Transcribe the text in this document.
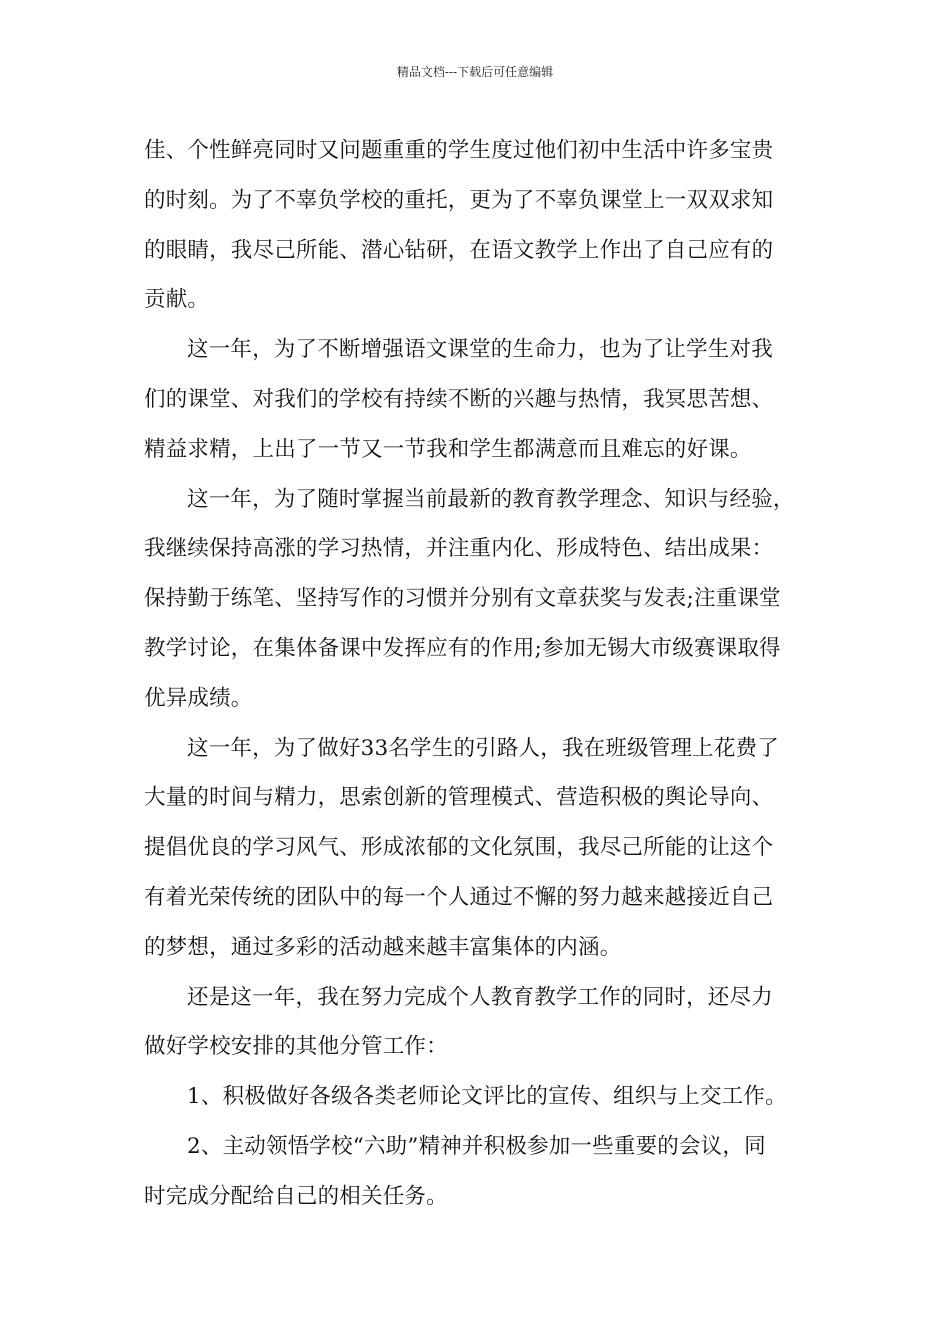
精品文档---下载后可任意编辑

佳、个性鲜亮同时又问题重重的学生度过他们初中生活中许多宝贵

的时刻。为了不辜负学校的重托，更为了不辜负课堂上一双双求知

的眼睛，我尽己所能、潜心钻研，在语文教学上作出了自己应有的

贡献。

这一年，为了不断增强语文课堂的生命力，也为了让学生对我

们的课堂、对我们的学校有持续不断的兴趣与热情，我冥思苦想、

精益求精，上出了一节又一节我和学生都满意而且难忘的好课。

这一年，为了随时掌握当前最新的教育教学理念、知识与经验，

我继续保持高涨的学习热情，并注重内化、形成特色、结出成果：

保持勤于练笔、坚持写作的习惯并分别有文章获奖与发表;注重课堂

教学讨论，在集体备课中发挥应有的作用;参加无锡大市级赛课取得

优异成绩。

这一年，为了做好33名学生的引路人，我在班级管理上花费了

大量的时间与精力，思索创新的管理模式、营造积极的舆论导向、

提倡优良的学习风气、形成浓郁的文化氛围，我尽己所能的让这个

有着光荣传统的团队中的每一个人通过不懈的努力越来越接近自己

的梦想，通过多彩的活动越来越丰富集体的内涵。

还是这一年，我在努力完成个人教育教学工作的同时，还尽力

做好学校安排的其他分管工作：

1、积极做好各级各类老师论文评比的宣传、组织与上交工作。

2、主动领悟学校“六助”精神并积极参加一些重要的会议，同

时完成分配给自己的相关任务。
